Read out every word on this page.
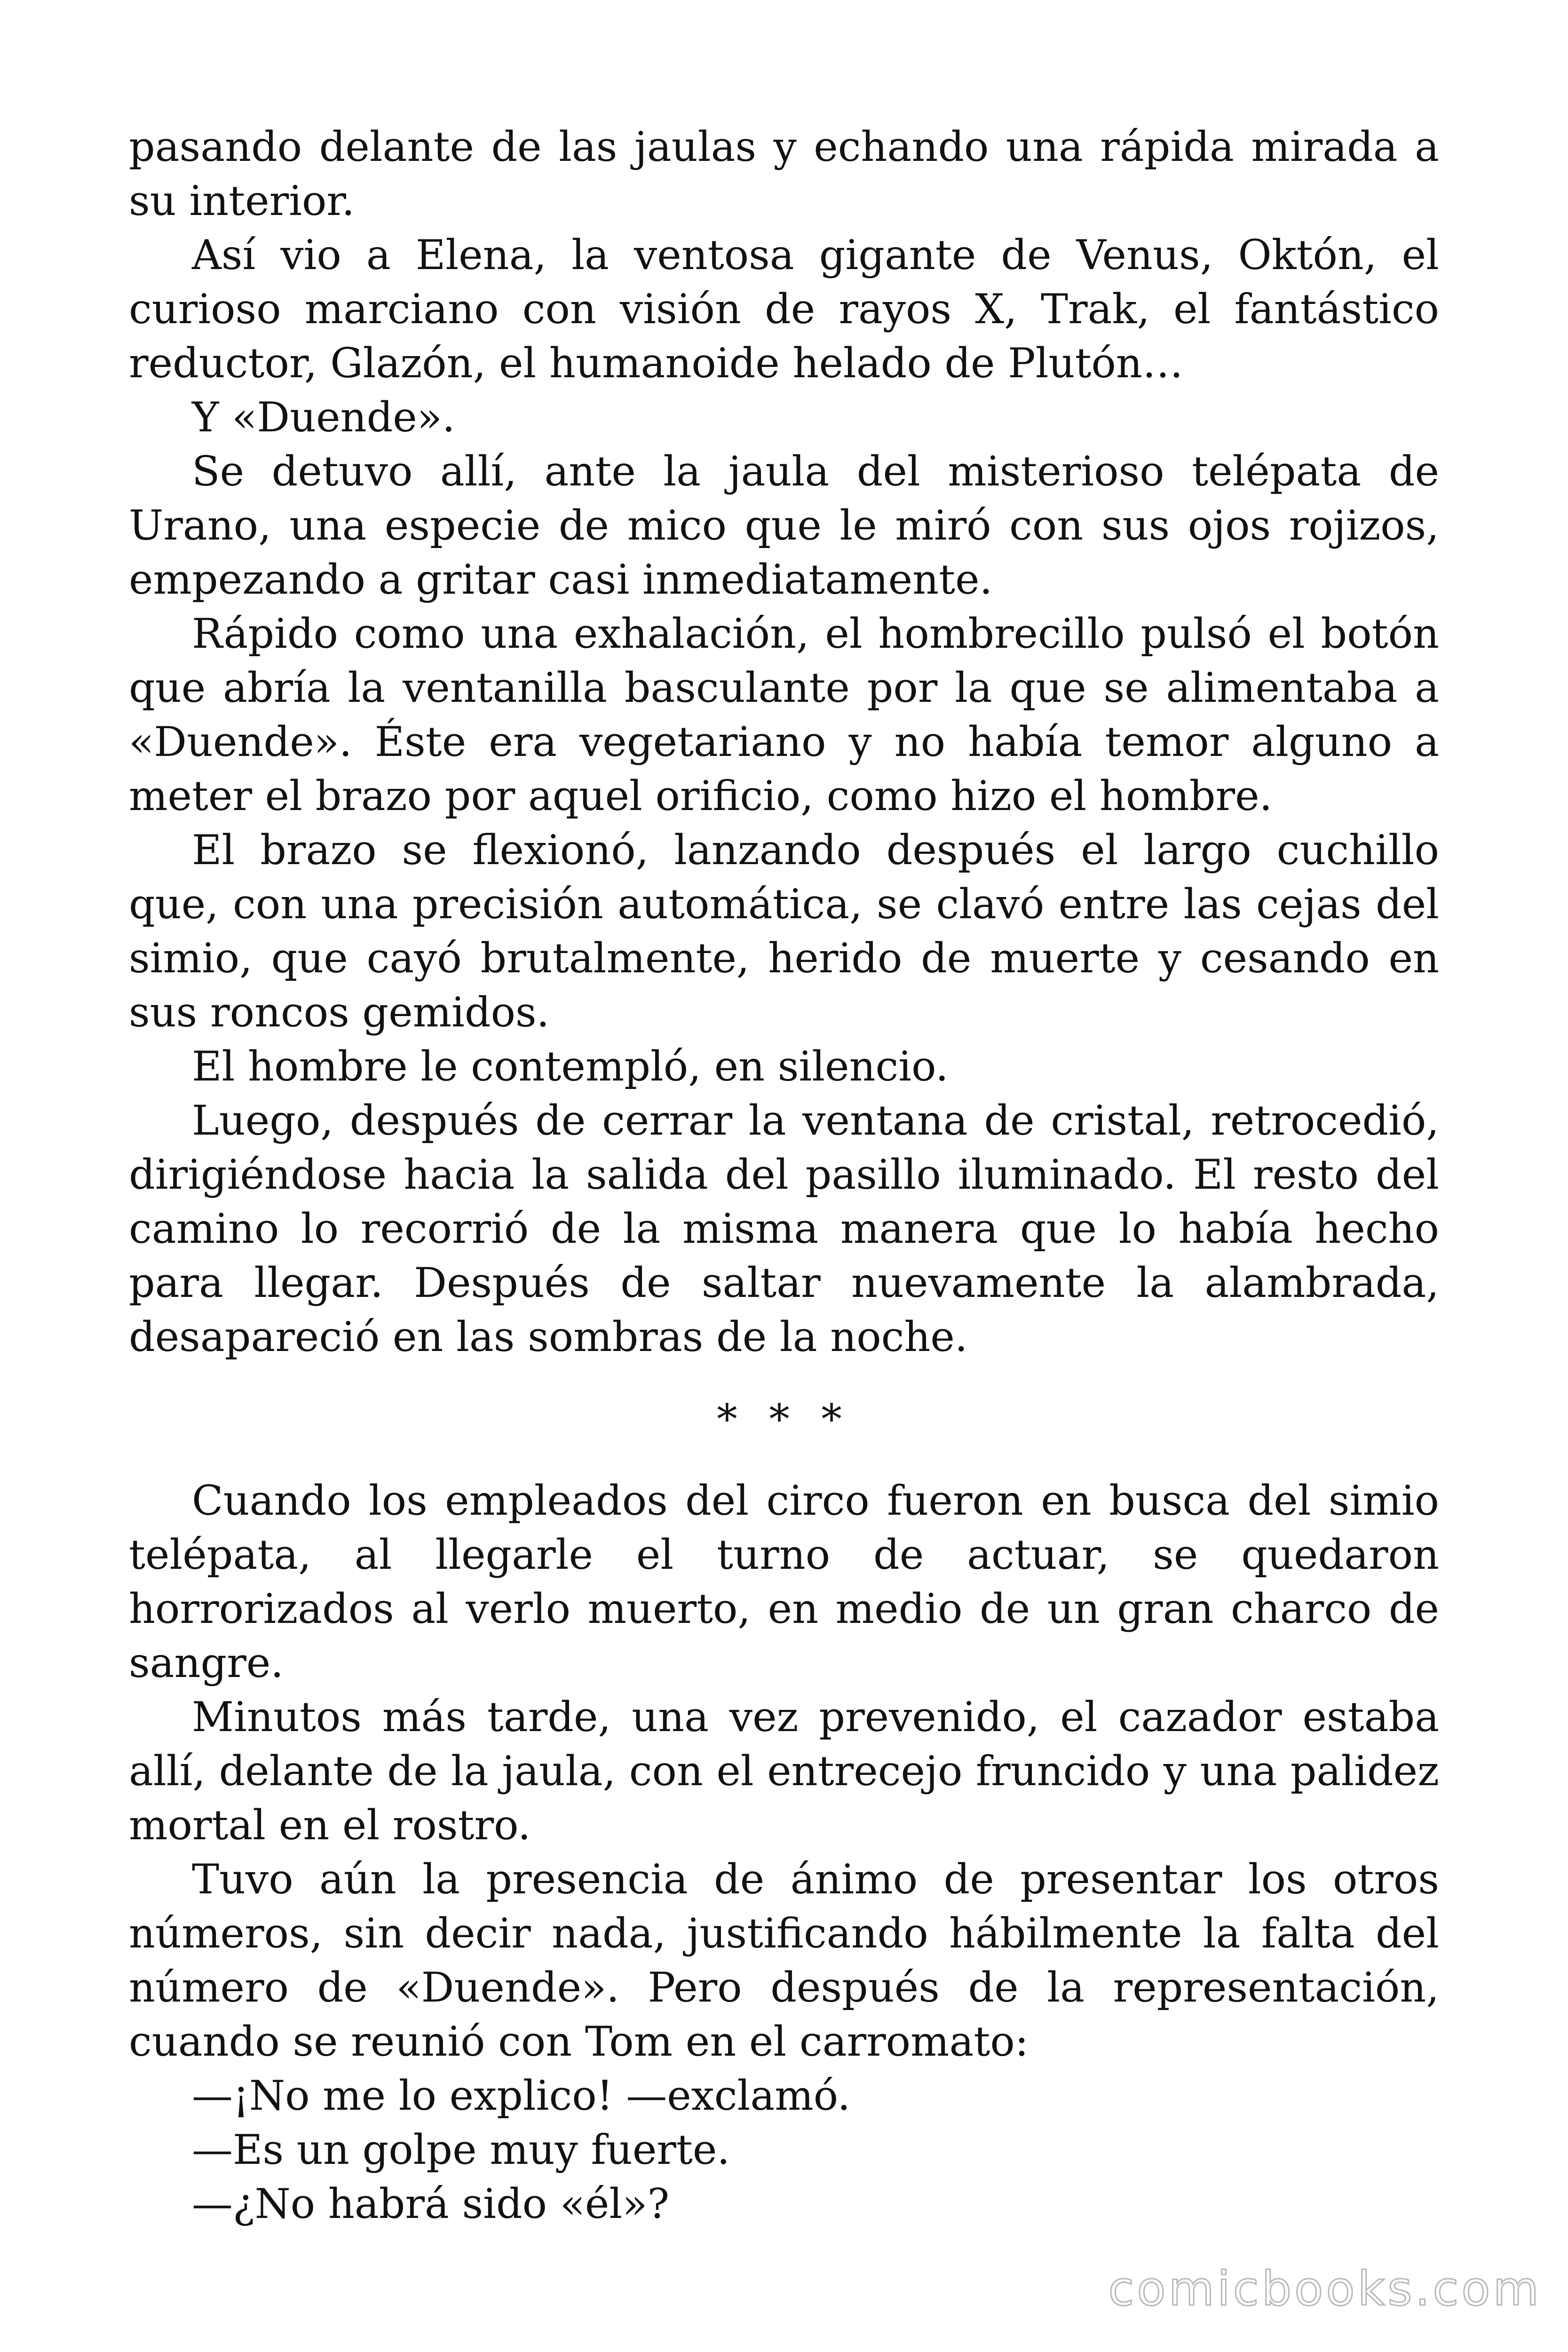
pasando delante de las jaulas y echando una rápida mirada a su interior.

Así vio a Elena, la ventosa gigante de Venus, Októn, el curioso marciano con visión de rayos X, Trak, el fantástico reductor, Glazón, el humanoide helado de Plutón…

Y «Duende».

Se detuvo allí, ante la jaula del misterioso telépata de Urano, una especie de mico que le miró con sus ojos rojizos, empezando a gritar casi inmediatamente.

Rápido como una exhalación, el hombrecillo pulsó el botón que abría la ventanilla basculante por la que se alimentaba a «Duende». Éste era vegetariano y no había temor alguno a meter el brazo por aquel orificio, como hizo el hombre.

El brazo se flexionó, lanzando después el largo cuchillo que, con una precisión automática, se clavó entre las cejas del simio, que cayó brutalmente, herido de muerte y cesando en sus roncos gemidos.

El hombre le contempló, en silencio.

Luego, después de cerrar la ventana de cristal, retrocedió, dirigiéndose hacia la salida del pasillo iluminado. El resto del camino lo recorrió de la misma manera que lo había hecho para llegar. Después de saltar nuevamente la alambrada, desapareció en las sombras de la noche.

* * *

Cuando los empleados del circo fueron en busca del simio telépata, al llegarle el turno de actuar, se quedaron horrorizados al verlo muerto, en medio de un gran charco de sangre.

Minutos más tarde, una vez prevenido, el cazador estaba allí, delante de la jaula, con el entrecejo fruncido y una palidez mortal en el rostro.

Tuvo aún la presencia de ánimo de presentar los otros números, sin decir nada, justificando hábilmente la falta del número de «Duende». Pero después de la representación, cuando se reunió con Tom en el carromato:

—¡No me lo explico! —exclamó.

—Es un golpe muy fuerte.

—¿No habrá sido «él»?

comicbooks.com
